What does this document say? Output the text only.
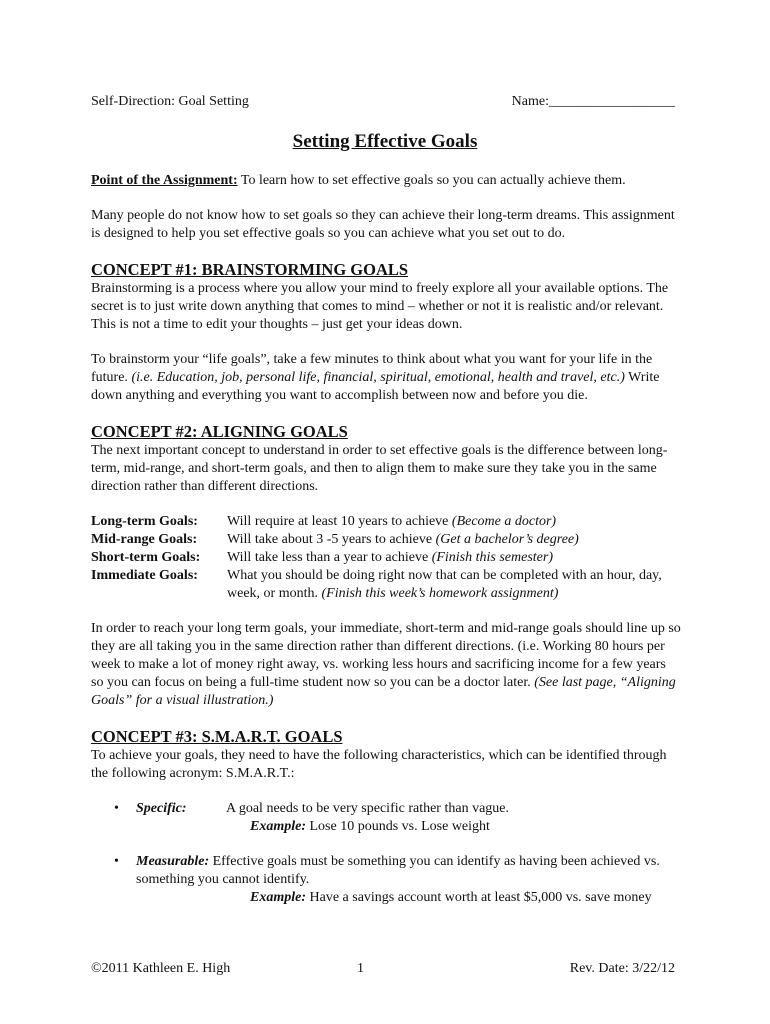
Self-Direction: Goal Setting	Name:__________________
Setting Effective Goals

Point of the Assignment: To learn how to set effective goals so you can actually achieve them.

Many people do not know how to set goals so they can achieve their long-term dreams. This assignment is designed to help you set effective goals so you can achieve what you set out to do.

CONCEPT #1: BRAINSTORMING GOALS

Brainstorming is a process where you allow your mind to freely explore all your available options. The secret is to just write down anything that comes to mind – whether or not it is realistic and/or relevant. This is not a time to edit your thoughts – just get your ideas down.

To brainstorm your “life goals”, take a few minutes to think about what you want for your life in the future. (i.e. Education, job, personal life, financial, spiritual, emotional, health and travel, etc.) Write down anything and everything you want to accomplish between now and before you die.

CONCEPT #2: ALIGNING GOALS

The next important concept to understand in order to set effective goals is the difference between long-term, mid-range, and short-term goals, and then to align them to make sure they take you in the same direction rather than different directions.

Long-term Goals:	Will require at least 10 years to achieve (Become a doctor)
Mid-range Goals:	Will take about 3 -5 years to achieve (Get a bachelor’s degree)
Short-term Goals:	Will take less than a year to achieve (Finish this semester)
Immediate Goals:	What you should be doing right now that can be completed with an hour, day, week, or month. (Finish this week’s homework assignment)

In order to reach your long term goals, your immediate, short-term and mid-range goals should line up so they are all taking you in the same direction rather than different directions. (i.e. Working 80 hours per week to make a lot of money right away, vs. working less hours and sacrificing income for a few years so you can focus on being a full-time student now so you can be a doctor later. (See last page, “Aligning Goals” for a visual illustration.)

CONCEPT #3: S.M.A.R.T. GOALS

To achieve your goals, they need to have the following characteristics, which can be identified through the following acronym: S.M.A.R.T.:

• Specific:	A goal needs to be very specific rather than vague.
Example: Lose 10 pounds vs. Lose weight
• Measurable: Effective goals must be something you can identify as having been achieved vs. something you cannot identify.
Example: Have a savings account worth at least $5,000 vs. save money
©2011 Kathleen E. High	1	Rev. Date: 3/22/12
